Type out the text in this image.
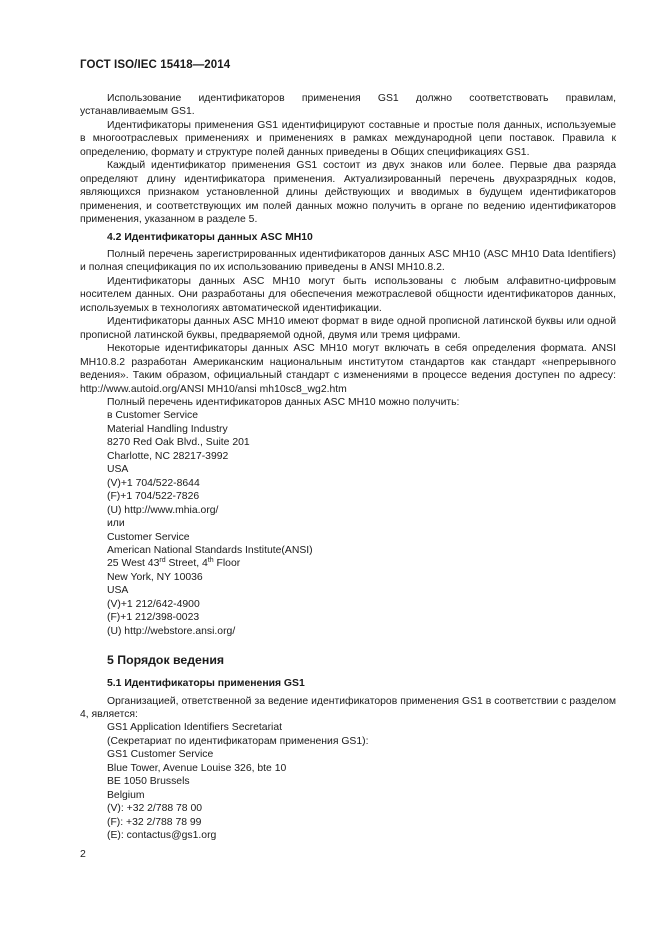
ГОСТ ISO/IEC 15418—2014

Использование идентификаторов применения GS1 должно соответствовать правилам, устанавливаемым GS1.

Идентификаторы применения GS1 идентифицируют составные и простые поля данных, используемые в многоотраслевых применениях и применениях в рамках международной цепи поставок. Правила к определению, формату и структуре полей данных приведены в Общих спецификациях GS1.

Каждый идентификатор применения GS1 состоит из двух знаков или более. Первые два разряда определяют длину идентификатора применения. Актуализированный перечень двухразрядных кодов, являющихся признаком установленной длины действующих и вводимых в будущем идентификаторов применения, и соответствующих им полей данных можно получить в органе по ведению идентификаторов применения, указанном в разделе 5.

4.2 Идентификаторы данных ASC MH10

Полный перечень зарегистрированных идентификаторов данных ASC MH10 (ASC MH10 Data Identifiers) и полная спецификация по их использованию приведены в ANSI MH10.8.2.

Идентификаторы данных ASC MH10 могут быть использованы с любым алфавитно-цифровым носителем данных. Они разработаны для обеспечения межотраслевой общности идентификаторов данных, используемых в технологиях автоматической идентификации.

Идентификаторы данных ASC MH10 имеют формат в виде одной прописной латинской буквы или одной прописной латинской буквы, предваряемой одной, двумя или тремя цифрами.

Некоторые идентификаторы данных ASC MH10 могут включать в себя определения формата. ANSI MH10.8.2 разработан Американским национальным институтом стандартов как стандарт «непрерывного ведения». Таким образом, официальный стандарт с изменениями в процессе ведения доступен по адресу: http://www.autoid.org/ANSI MH10/ansi mh10sc8_wg2.htm

Полный перечень идентификаторов данных ASC MH10 можно получить:

в Customer Service
Material Handling Industry
8270 Red Oak Blvd., Suite 201
Charlotte, NC 28217-3992
USA
(V)+1 704/522-8644
(F)+1 704/522-7826
(U) http://www.mhia.org/
или
Customer Service
American National Standards Institute(ANSI)
25 West 43rd Street, 4th Floor
New York, NY 10036
USA
(V)+1 212/642-4900
(F)+1 212/398-0023
(U) http://webstore.ansi.org/
5 Порядок ведения
5.1 Идентификаторы применения GS1

Организацией, ответственной за ведение идентификаторов применения GS1 в соответствии с разделом 4, является:

GS1 Application Identifiers Secretariat
(Секретариат по идентификаторам применения GS1):
GS1 Customer Service
Blue Tower, Avenue Louise 326, bte 10
BE 1050 Brussels
Belgium
(V): +32 2/788 78 00
(F): +32 2/788 78 99
(E): contactus@gs1.org
2
